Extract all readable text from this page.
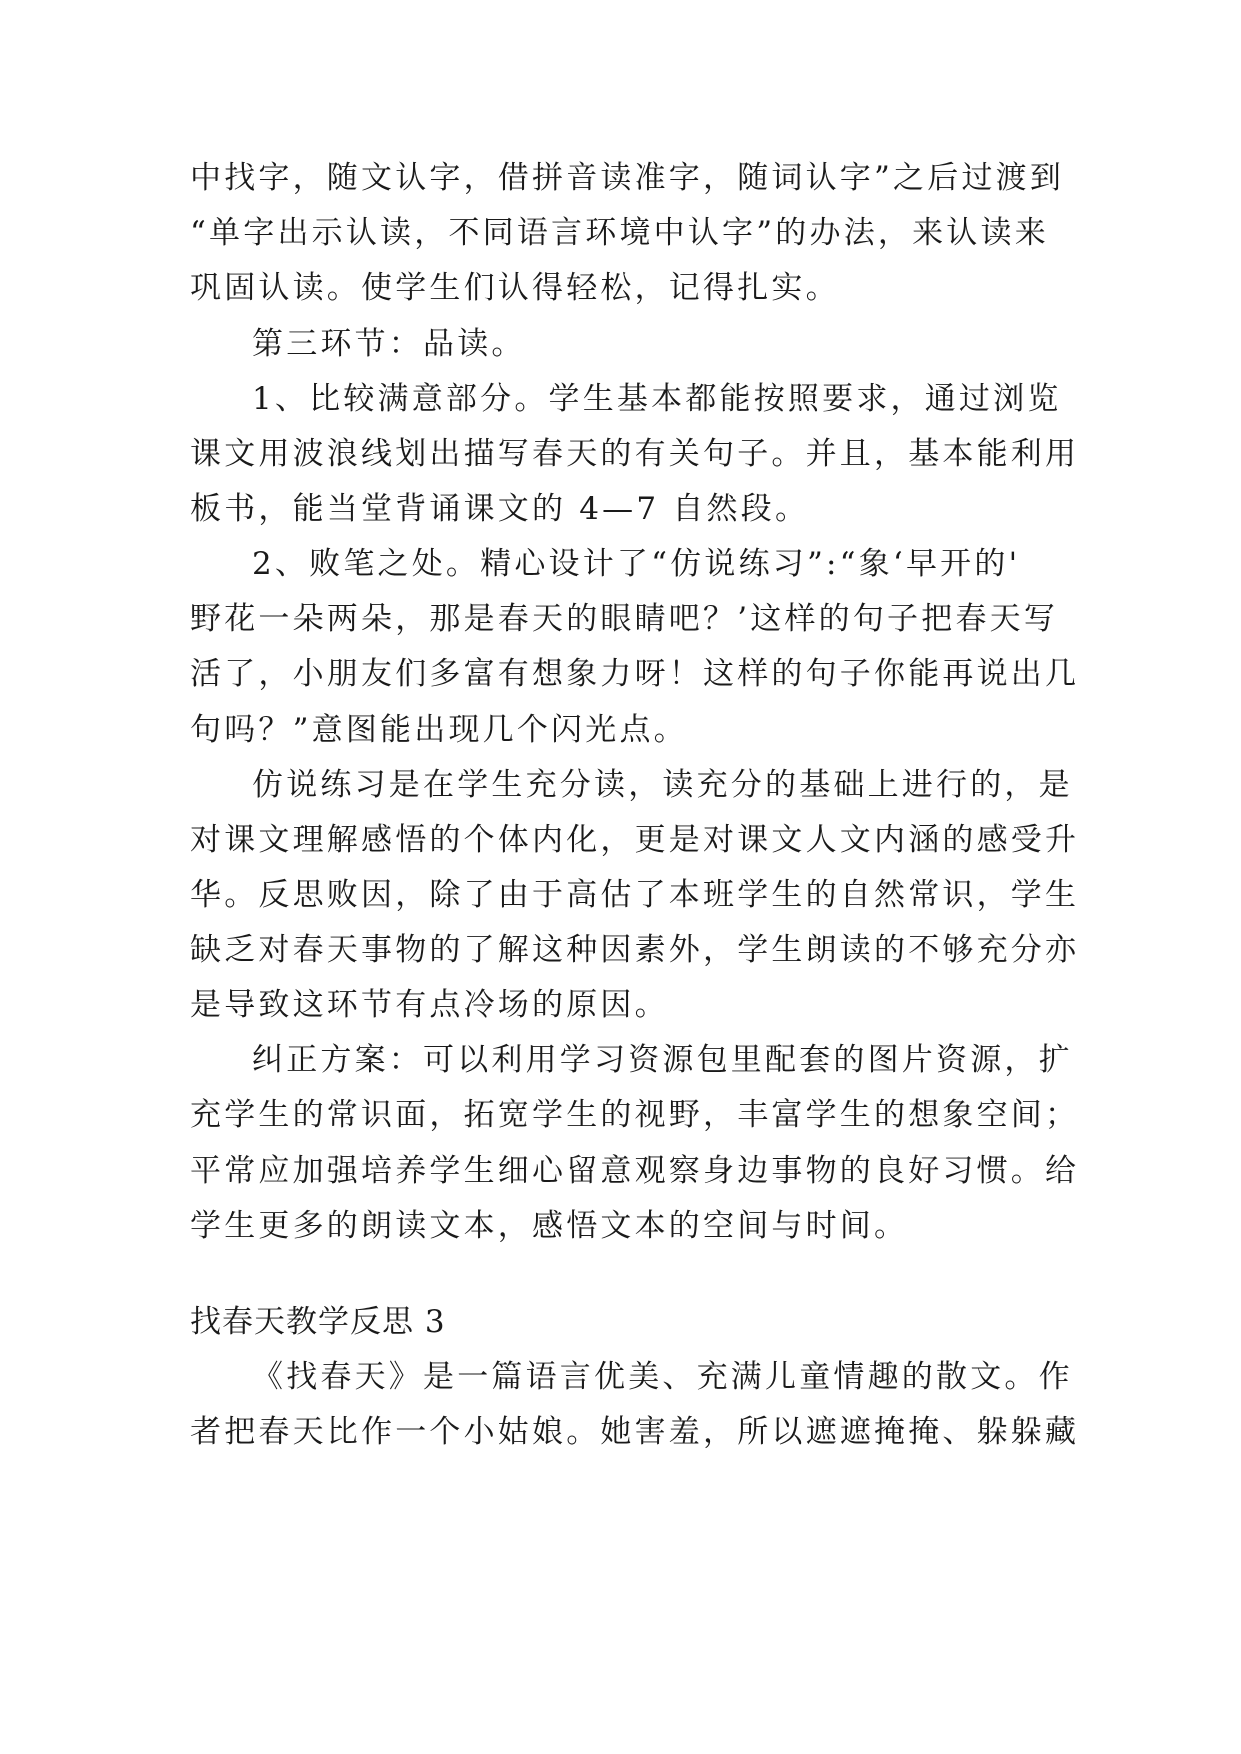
中找字，随文认字，借拼音读准字，随词认字”之后过渡到
“单字出示认读，不同语言环境中认字”的办法，来认读来
巩固认读。使学生们认得轻松，记得扎实。
第三环节：品读。
1、比较满意部分。学生基本都能按照要求，通过浏览
课文用波浪线划出描写春天的有关句子。并且，基本能利用
板书，能当堂背诵课文的 4—7 自然段。
2、败笔之处。精心设计了“仿说练习”:“象‘早开的'
野花一朵两朵，那是春天的眼睛吧？’这样的句子把春天写
活了，小朋友们多富有想象力呀！这样的句子你能再说出几
句吗？”意图能出现几个闪光点。
仿说练习是在学生充分读，读充分的基础上进行的，是
对课文理解感悟的个体内化，更是对课文人文内涵的感受升
华。反思败因，除了由于高估了本班学生的自然常识，学生
缺乏对春天事物的了解这种因素外，学生朗读的不够充分亦
是导致这环节有点冷场的原因。
纠正方案：可以利用学习资源包里配套的图片资源，扩
充学生的常识面，拓宽学生的视野，丰富学生的想象空间；
平常应加强培养学生细心留意观察身边事物的良好习惯。给
学生更多的朗读文本，感悟文本的空间与时间。
找春天教学反思 3
《找春天》是一篇语言优美、充满儿童情趣的散文。作
者把春天比作一个小姑娘。她害羞，所以遮遮掩掩、躲躲藏
